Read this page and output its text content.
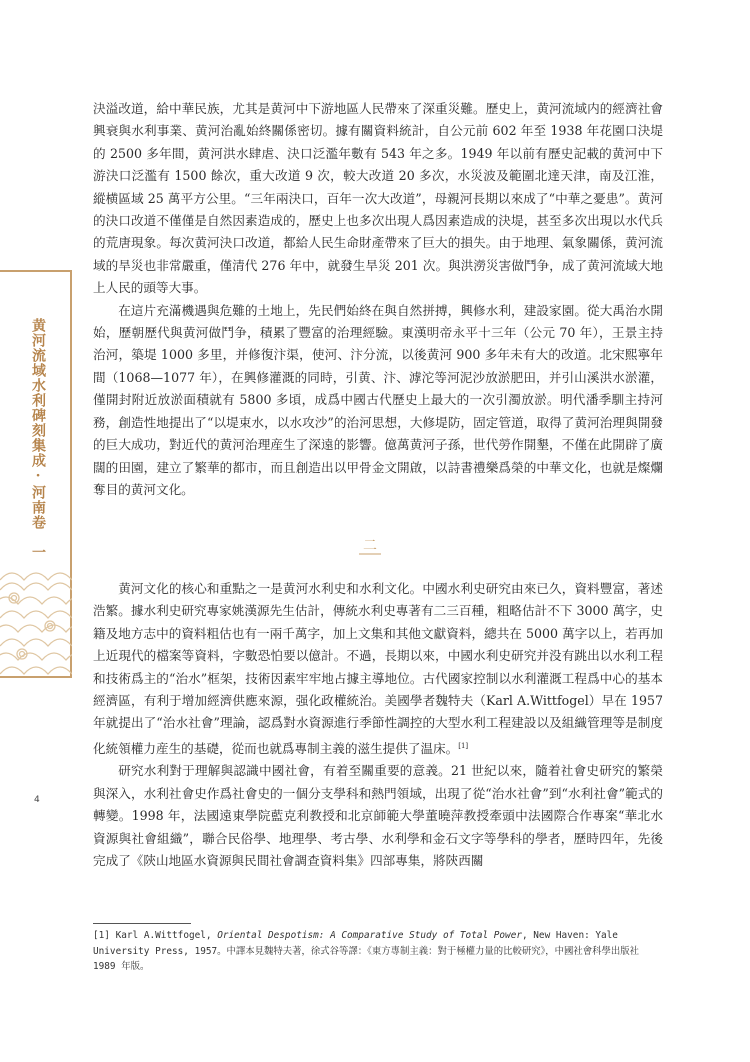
黄河流域水利碑刻集成·河南卷　一
4

決溢改道，給中華民族，尤其是黄河中下游地區人民帶來了深重災難。歷史上，黄河流域内的經濟社會興衰與水利事業、黄河治亂始終關係密切。據有關資料統計，自公元前 602 年至 1938 年花園口決堤的 2500 多年間，黄河洪水肆虐、決口泛濫年數有 543 年之多。1949 年以前有歷史記載的黄河中下游決口泛濫有 1500 餘次，重大改道 9 次，較大改道 20 多次，水災波及範圍北達天津，南及江淮，縱横區域 25 萬平方公里。“三年兩決口，百年一次大改道”，母親河長期以來成了“中華之憂患”。黄河的決口改道不僅僅是自然因素造成的，歷史上也多次出現人爲因素造成的決堤，甚至多次出現以水代兵的荒唐現象。每次黄河決口改道，都給人民生命財產帶來了巨大的損失。由于地理、氣象關係，黄河流域的旱災也非常嚴重，僅清代 276 年中，就發生旱災 201 次。與洪澇災害做鬥争，成了黄河流域大地上人民的頭等大事。

在這片充滿機遇與危難的土地上，先民們始終在與自然拼搏，興修水利，建設家園。從大禹治水開始，歷朝歷代與黄河做鬥争，積累了豐富的治理經驗。東漢明帝永平十三年（公元 70 年），王景主持治河，築堤 1000 多里，并修復汴渠，使河、汴分流，以後黄河 900 多年未有大的改道。北宋熙寧年間（1068—1077 年），在興修灌溉的同時，引黄、汴、滹沱等河泥沙放淤肥田，并引山溪洪水淤灌，僅開封附近放淤面積就有 5800 多頃，成爲中國古代歷史上最大的一次引濁放淤。明代潘季馴主持河務，創造性地提出了“以堤束水，以水攻沙”的治河思想，大修堤防，固定管道，取得了黄河治理與開發的巨大成功，對近代的黄河治理産生了深遠的影響。億萬黄河子孫，世代勞作開墾，不僅在此開辟了廣闊的田園，建立了繁華的都市，而且創造出以甲骨金文開啟，以詩書禮樂爲榮的中華文化，也就是燦爛奪目的黄河文化。

二

黄河文化的核心和重點之一是黄河水利史和水利文化。中國水利史研究由來已久，資料豐富，著述浩繁。據水利史研究專家姚漢源先生估計，傳統水利史專著有二三百種，粗略估計不下 3000 萬字，史籍及地方志中的資料粗估也有一兩千萬字，加上文集和其他文獻資料，總共在 5000 萬字以上，若再加上近現代的檔案等資料，字數恐怕要以億計。不過，長期以來，中國水利史研究并没有跳出以水利工程和技術爲主的“治水”框架，技術因素牢牢地占據主導地位。古代國家控制以水利灌溉工程爲中心的基本經濟區，有利于增加經濟供應來源，强化政權統治。美國學者魏特夫（Karl A.Wittfogel）早在 1957 年就提出了“治水社會”理論，認爲對水資源進行季節性調控的大型水利工程建設以及組織管理等是制度化統領權力産生的基礎，從而也就爲專制主義的滋生提供了温床。[1]

研究水利對于理解與認識中國社會，有着至關重要的意義。21 世紀以來，隨着社會史研究的繁榮與深入，水利社會史作爲社會史的一個分支學科和熱門領域，出現了從“治水社會”到“水利社會”範式的轉變。1998 年，法國遠東學院藍克利教授和北京師範大學董曉萍教授牽頭中法國際合作專案“華北水資源與社會組織”，聯合民俗學、地理學、考古學、水利學和金石文字等學科的學者，歷時四年，先後完成了《陝山地區水資源與民間社會調查資料集》四部專集，將陝西關

[1] Karl A.Wittfogel, Oriental Despotism: A Comparative Study of Total Power, New Haven: Yale University Press, 1957。中譯本見魏特夫著，徐式谷等譯：《東方專制主義：對于極權力量的比較研究》，中國社會科學出版社 1989 年版。
